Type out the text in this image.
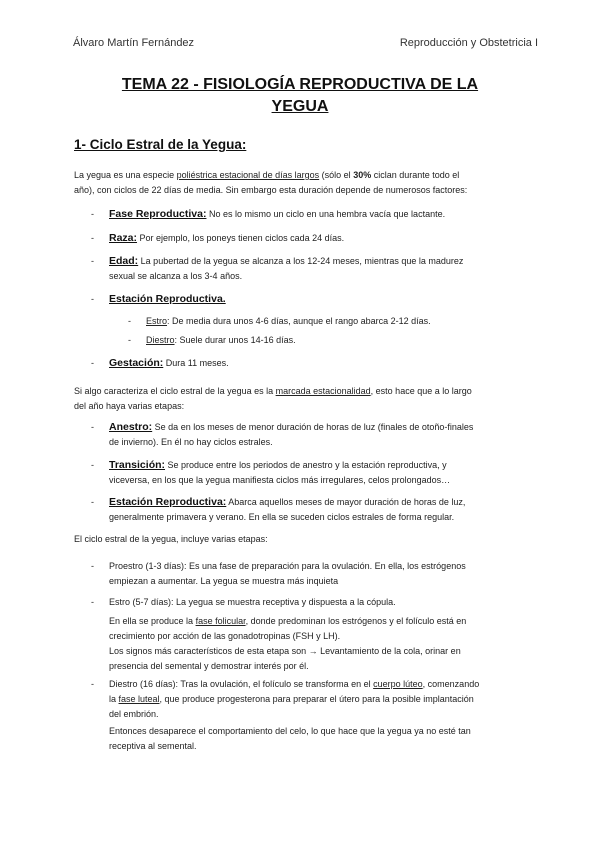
Álvaro Martín Fernández	Reproducción y Obstetricia I
TEMA 22 - FISIOLOGÍA REPRODUCTIVA DE LA
YEGUA
1- Ciclo Estral de la Yegua:
La yegua es una especie poliéstrica estacional de días largos (sólo el 30% ciclan durante todo el
año), con ciclos de 22 días de media. Sin embargo esta duración depende de numerosos factores:
- Fase Reproductiva: No es lo mismo un ciclo en una hembra vacía que lactante.
- Raza: Por ejemplo, los poneys tienen ciclos cada 24 días.
- Edad: La pubertad de la yegua se alcanza a los 12-24 meses, mientras que la madurez
sexual se alcanza a los 3-4 años.
- Estación Reproductiva.
- Estro: De media dura unos 4-6 días, aunque el rango abarca 2-12 días.
- Diestro: Suele durar unos 14-16 días.
- Gestación: Dura 11 meses.
Si algo caracteriza el ciclo estral de la yegua es la marcada estacionalidad, esto hace que a lo largo
del año haya varias etapas:
- Anestro: Se da en los meses de menor duración de horas de luz (finales de otoño-finales
de invierno). En él no hay ciclos estrales.
- Transición: Se produce entre los periodos de anestro y la estación reproductiva, y
viceversa, en los que la yegua manifiesta ciclos más irregulares, celos prolongados…
- Estación Reproductiva: Abarca aquellos meses de mayor duración de horas de luz,
generalmente primavera y verano. En ella se suceden ciclos estrales de forma regular.
El ciclo estral de la yegua, incluye varias etapas:
- Proestro (1-3 días): Es una fase de preparación para la ovulación. En ella, los estrógenos
empiezan a aumentar. La yegua se muestra más inquieta
- Estro (5-7 días): La yegua se muestra receptiva y dispuesta a la cópula.
En ella se produce la fase folicular, donde predominan los estrógenos y el folículo está en
crecimiento por acción de las gonadotropinas (FSH y LH).
Los signos más característicos de esta etapa son → Levantamiento de la cola, orinar en
presencia del semental y demostrar interés por él.
- Diestro (16 días): Tras la ovulación, el folículo se transforma en el cuerpo lúteo, comenzando
la fase luteal, que produce progesterona para preparar el útero para la posible implantación
del embrión.
Entonces desaparece el comportamiento del celo, lo que hace que la yegua ya no esté tan
receptiva al semental.
